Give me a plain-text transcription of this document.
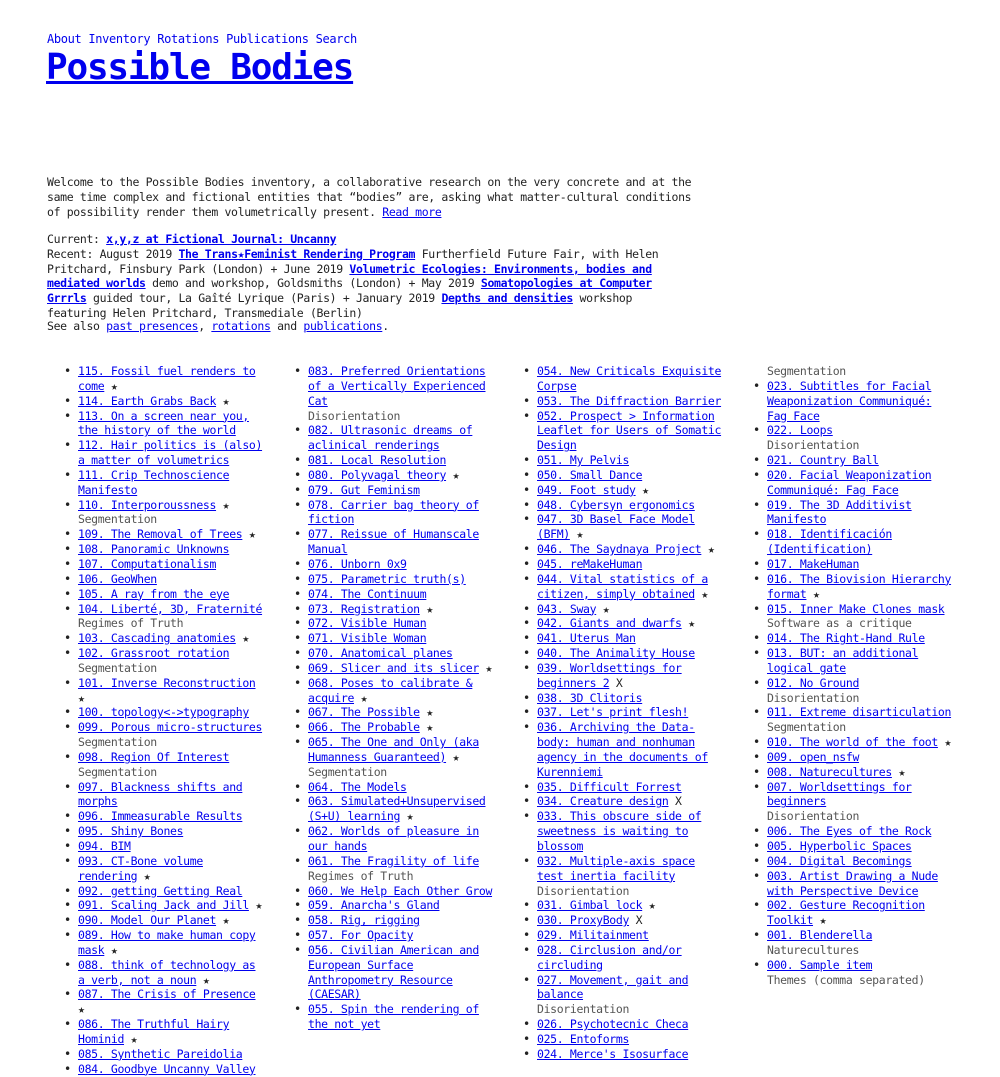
About Inventory Rotations Publications Search
Possible Bodies

Welcome to the Possible Bodies inventory, a collaborative research on the very concrete and at the same time complex and fictional entities that “bodies” are, asking what matter-cultural conditions of possibility render them volumetrically present. Read more

Current: x,y,z at Fictional Journal: Uncanny
Recent: August 2019 The Trans★Feminist Rendering Program Furtherfield Future Fair, with Helen Pritchard, Finsbury Park (London) + June 2019 Volumetric Ecologies: Environments, bodies and mediated worlds demo and workshop, Goldsmiths (London) + May 2019 Somatopologies at Computer Grrrls guided tour, La Gaîté Lyrique (Paris) + January 2019 Depths and densities workshop featuring Helen Pritchard, Transmediale (Berlin)
See also past presences, rotations and publications.
• 115. Fossil fuel renders to come ★
• 114. Earth Grabs Back ★
• 113. On a screen near you, the history of the world
• 112. Hair politics is (also) a matter of volumetrics
• 111. Crip Technoscience Manifesto
• 110. Interporoussness ★
Segmentation
• 109. The Removal of Trees ★
• 108. Panoramic Unknowns
• 107. Computationalism
• 106. GeoWhen
• 105. A ray from the eye
• 104. Liberté, 3D, Fraternité
Regimes of Truth
• 103. Cascading anatomies ★
• 102. Grassroot rotation
Segmentation
• 101. Inverse Reconstruction ★
• 100. topology<->typography
• 099. Porous micro-structures
Segmentation
• 098. Region Of Interest
Segmentation
• 097. Blackness shifts and morphs
• 096. Immeasurable Results
• 095. Shiny Bones
• 094. BIM
• 093. CT-Bone volume rendering ★
• 092. getting Getting Real
• 091. Scaling Jack and Jill ★
• 090. Model Our Planet ★
• 089. How to make human copy mask ★
• 088. think of technology as a verb, not a noun ★
• 087. The Crisis of Presence ★
• 086. The Truthful Hairy Hominid ★
• 085. Synthetic Pareidolia
• 084. Goodbye Uncanny Valley
• 083. Preferred Orientations of a Vertically Experienced Cat
Disorientation
• 082. Ultrasonic dreams of aclinical renderings
• 081. Local Resolution
• 080. Polyvagal theory ★
• 079. Gut Feminism
• 078. Carrier bag theory of fiction
• 077. Reissue of Humanscale Manual
• 076. Unborn 0x9
• 075. Parametric truth(s)
• 074. The Continuum
• 073. Registration ★
• 072. Visible Human
• 071. Visible Woman
• 070. Anatomical planes
• 069. Slicer and its slicer ★
• 068. Poses to calibrate & acquire ★
• 067. The Possible ★
• 066. The Probable ★
• 065. The One and Only (aka Humanness Guaranteed) ★
Segmentation
• 064. The Models
• 063. Simulated+Unsupervised (S+U) learning ★
• 062. Worlds of pleasure in our hands
• 061. The Fragility of life
Regimes of Truth
• 060. We Help Each Other Grow
• 059. Anarcha's Gland
• 058. Rig, rigging
• 057. For Opacity
• 056. Civilian American and European Surface Anthropometry Resource (CAESAR)
• 055. Spin the rendering of the not yet
• 054. New Criticals Exquisite Corpse
• 053. The Diffraction Barrier
• 052. Prospect > Information Leaflet for Users of Somatic Design
• 051. My Pelvis
• 050. Small Dance
• 049. Foot study ★
• 048. Cybersyn ergonomics
• 047. 3D Basel Face Model (BFM) ★
• 046. The Saydnaya Project ★
• 045. reMakeHuman
• 044. Vital statistics of a citizen, simply obtained ★
• 043. Sway ★
• 042. Giants and dwarfs ★
• 041. Uterus Man
• 040. The Animality House
• 039. Worldsettings for beginners 2 X
• 038. 3D Clitoris
• 037. Let's print flesh!
• 036. Archiving the Data-body: human and nonhuman agency in the documents of Kurenniemi
• 035. Difficult Forrest
• 034. Creature design X
• 033. This obscure side of sweetness is waiting to blossom
• 032. Multiple-axis space test inertia facility
Disorientation
• 031. Gimbal lock ★
• 030. ProxyBody X
• 029. Militainment
• 028. Circlusion and/or circluding
• 027. Movement, gait and balance
Disorientation
• 026. Psychotecnic Checa
• 025. Entoforms
• 024. Merce's Isosurface
Segmentation
• 023. Subtitles for Facial Weaponization Communiqué: Fag Face
• 022. Loops
Disorientation
• 021. Country Ball
• 020. Facial Weaponization Communiqué: Fag Face
• 019. The 3D Additivist Manifesto
• 018. Identificación (Identification)
• 017. MakeHuman
• 016. The Biovision Hierarchy format ★
• 015. Inner Make Clones mask
Software as a critique
• 014. The Right-Hand Rule
• 013. BUT: an additional logical gate
• 012. No Ground
Disorientation
• 011. Extreme disarticulation
Segmentation
• 010. The world of the foot ★
• 009. open_nsfw
• 008. Naturecultures ★
• 007. Worldsettings for beginners
Disorientation
• 006. The Eyes of the Rock
• 005. Hyperbolic Spaces
• 004. Digital Becomings
• 003. Artist Drawing a Nude with Perspective Device
• 002. Gesture Recognition Toolkit ★
• 001. Blenderella
Naturecultures
• 000. Sample item
Themes (comma separated)
